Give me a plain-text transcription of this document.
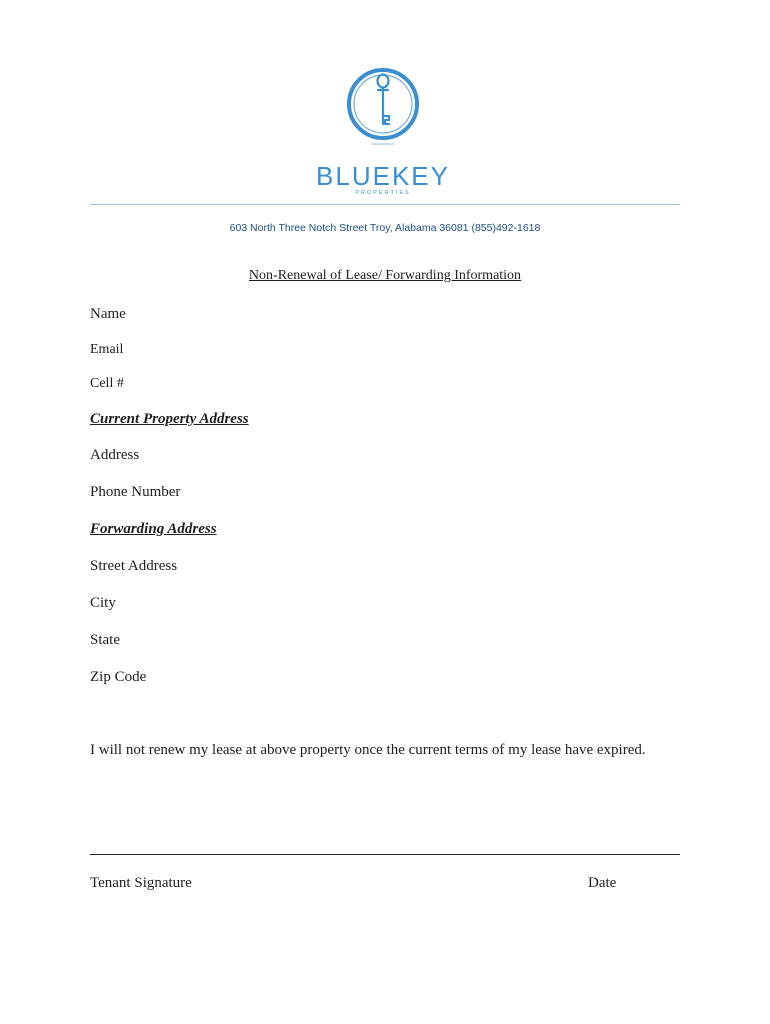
BLUEKEY
PROPERTIES
603 North Three Notch Street Troy, Alabama 36081 (855)492-1618
Non-Renewal of Lease/ Forwarding Information
Name
Email
Cell #
Current Property Address
Address
Phone Number
Forwarding Address
Street Address
City
State
Zip Code
I will not renew my lease at above property once the current terms of my lease have expired.
Tenant Signature	Date
